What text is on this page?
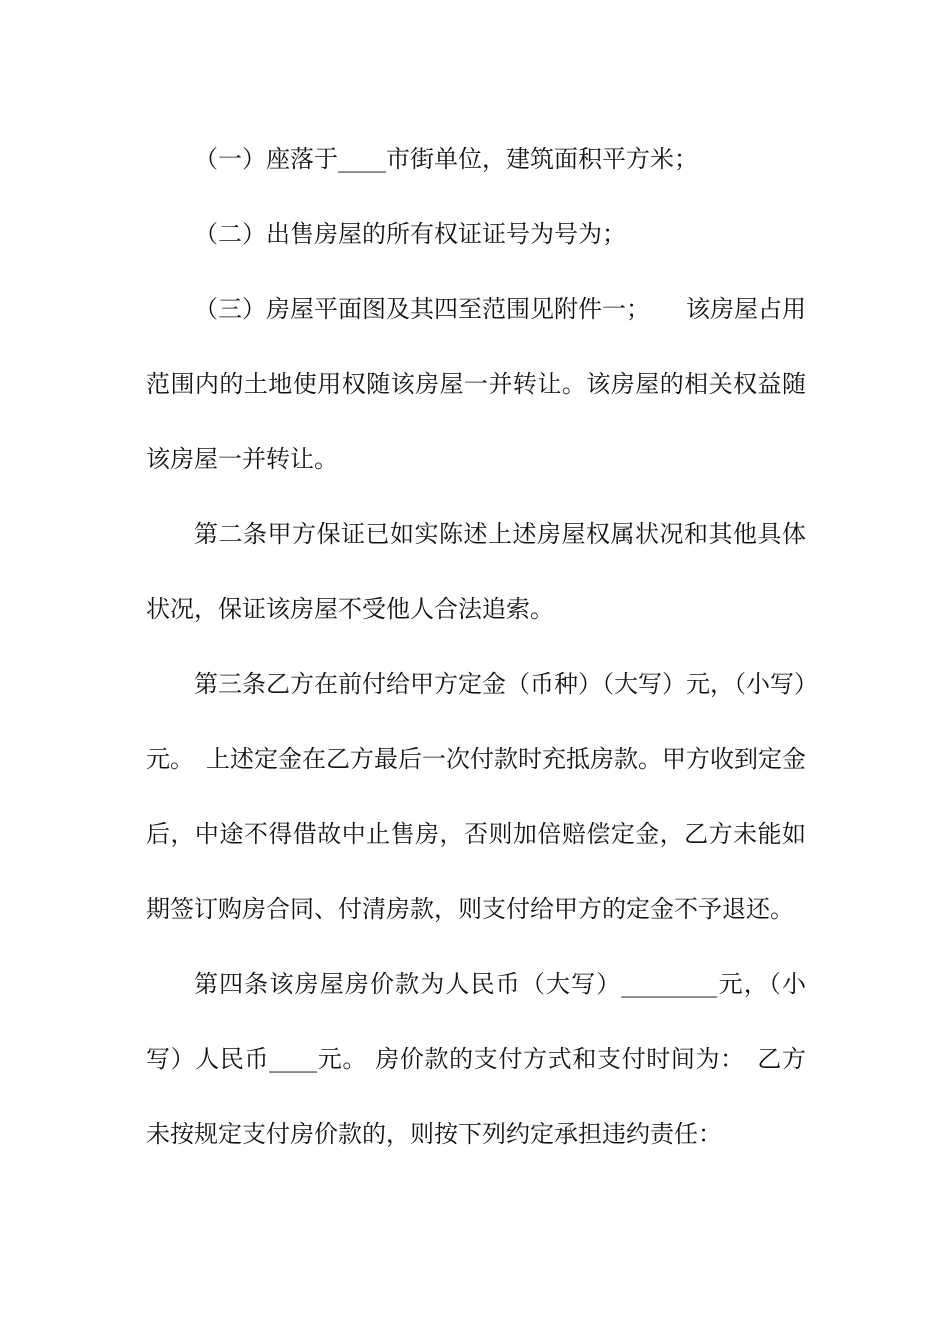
（一）座落于____市街单位，建筑面积平方米；

（二）出售房屋的所有权证证号为号为；

（三）房屋平面图及其四至范围见附件一；　　该房屋占用范围内的土地使用权随该房屋一并转让。该房屋的相关权益随该房屋一并转让。

第二条甲方保证已如实陈述上述房屋权属状况和其他具体状况，保证该房屋不受他人合法追索。

第三条乙方在前付给甲方定金（币种）（大写）元，（小写）元。　上述定金在乙方最后一次付款时充抵房款。甲方收到定金后，中途不得借故中止售房，否则加倍赔偿定金，乙方未能如期签订购房合同、付清房款，则支付给甲方的定金不予退还。

第四条该房屋房价款为人民币（大写）________元，（小写）人民币____元。 房价款的支付方式和支付时间为：　乙方未按规定支付房价款的，则按下列约定承担违约责任：
